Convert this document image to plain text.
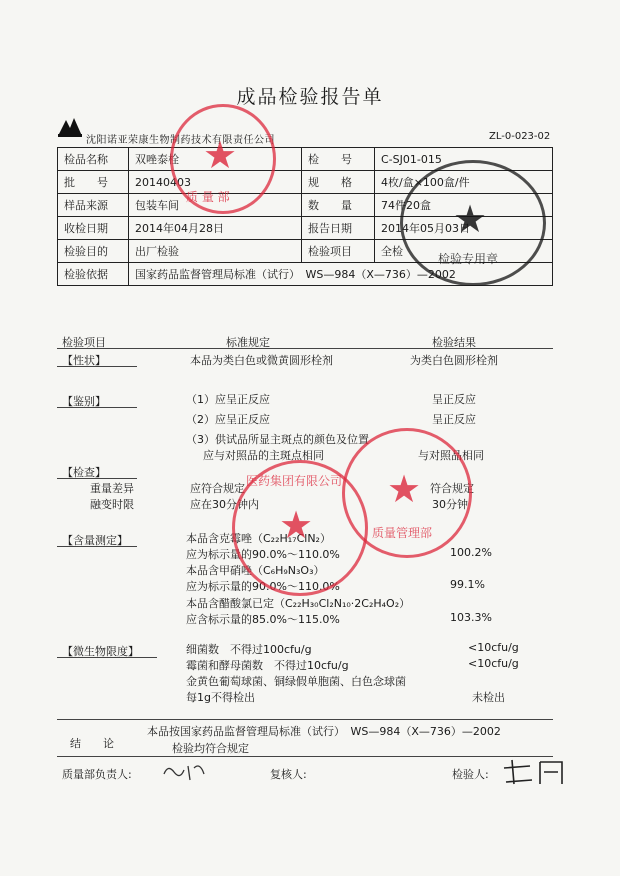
成品检验报告单
沈阳诺亚荣康生物制药技术有限责任公司	ZL-0-023-02
检品名称	双唑泰栓	检　　号	C-SJ01-015
批　　号	20140403	规　　格	4枚/盒×100盒/件
样品来源	包装车间	数　　量	74件20盒
收检日期	2014年04月28日	报告日期	2014年05月03日
检验目的	出厂检验	检验项目	全检
检验依据	国家药品监督管理局标准（试行）　WS—984（X—736）—2002		
检验项目	标准规定	检验结果
【性状】	本品为类白色或微黄圆形栓剂	为类白色圆形栓剂
【鉴别】	（1）应呈正反应	呈正反应
（2）应呈正反应	呈正反应
（3）供试品所显主斑点的颜色及位置
应与对照品的主斑点相同	与对照品相同
【检查】
重量差异	应符合规定	符合规定
融变时限	应在30分钟内	30分钟
【含量测定】	本品含克霉唑（C₂₂H₁₇ClN₂）
应为标示量的90.0%～110.0%	100.2%
本品含甲硝唑（C₆H₉N₃O₃）
应为标示量的90.0%～110.0%	99.1%
本品含醋酸氯已定（C₂₂H₃₀Cl₂N₁₀·2C₂H₄O₂）
应含标示量的85.0%～115.0%	103.3%
【微生物限度】	细菌数　不得过100cfu/g	<10cfu/g
霉菌和酵母菌数　不得过10cfu/g	<10cfu/g
金黄色葡萄球菌、铜绿假单胞菌、白色念球菌
每1g不得检出	未检出
结　　论
本品按国家药品监督管理局标准（试行）　WS—984（X—736）—2002
检验均符合规定
质量部负责人:	复核人:	检验人:
★
质 量 部	★
检验专用章
★
医药集团有限公司 ★
质量管理部
